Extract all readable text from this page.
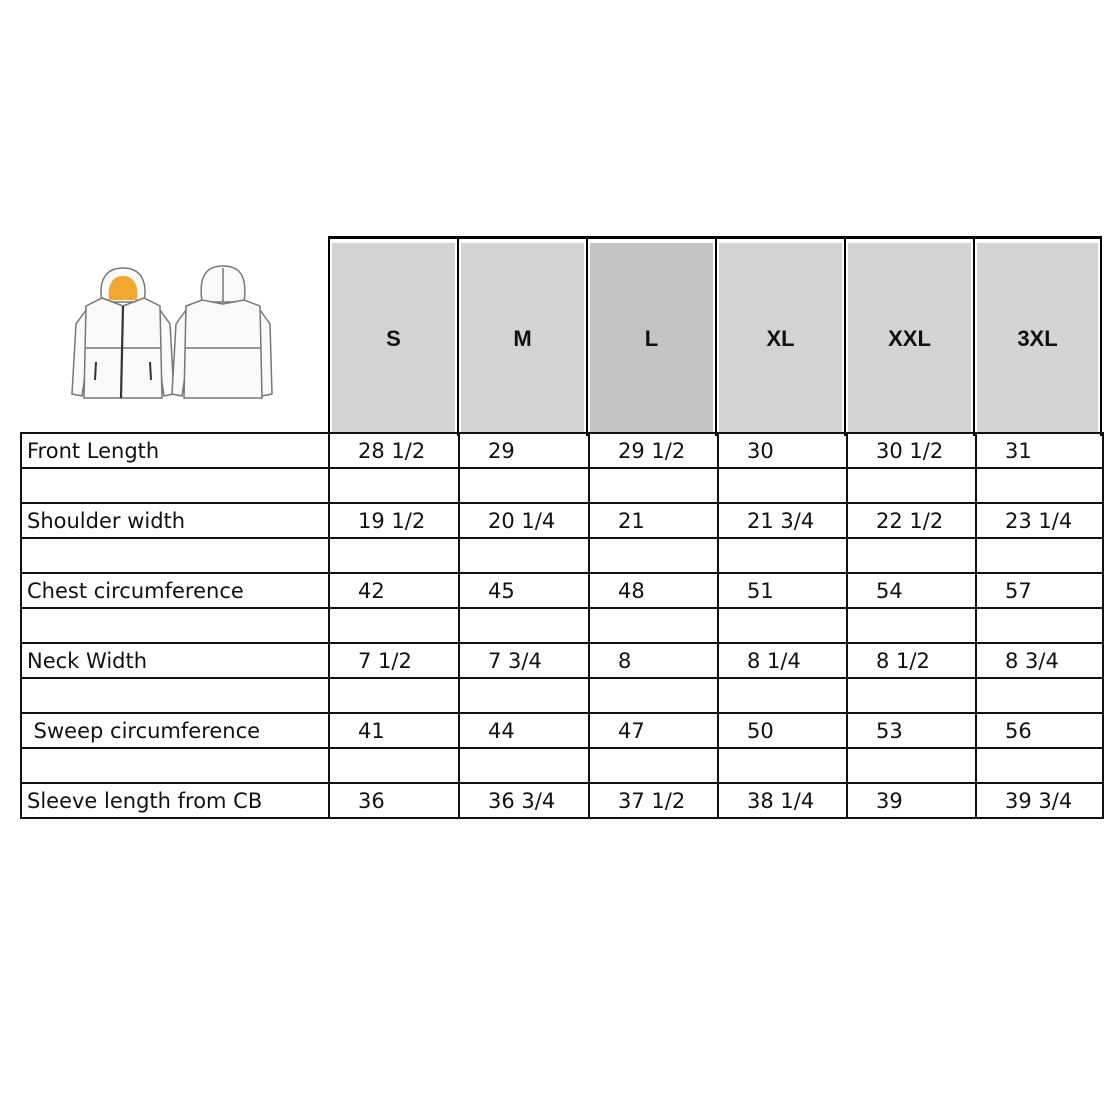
S	M	L	XL	XXL	3XL
Front Length	28 1/2	29	29 1/2	30	30 1/2	31

Shoulder width	19 1/2	20 1/4	21	21 3/4	22 1/2	23 1/4

Chest circumference	42	45	48	51	54	57

Neck Width	7 1/2	7 3/4	8	8 1/4	8 1/2	8 3/4

Sweep circumference	41	44	47	50	53	56

Sleeve length from CB	36	36 3/4	37 1/2	38 1/4	39	39 3/4
